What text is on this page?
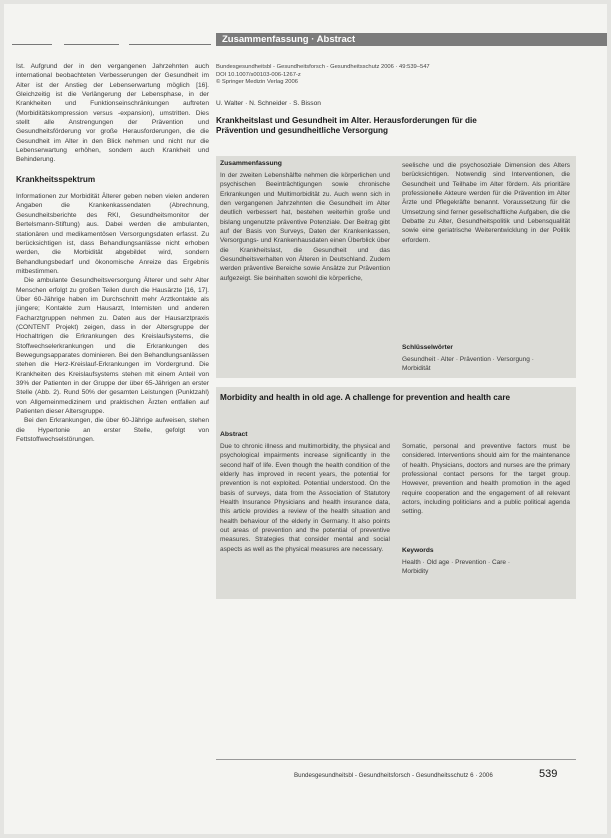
Zusammenfassung · Abstract

Ist. Aufgrund der in den vergangenen Jahrzehnten auch international beobachteten Verbesserungen der Gesundheit im Alter ist der Anstieg der Lebenserwartung möglich [16]. Gleichzeitig ist die Verlängerung der Lebensphase, in der Krankheiten und Funktionseinschränkungen auftreten (Morbiditätskompression versus -expansion), umstritten. Dies stellt alle Anstrengungen der Prävention und Gesundheitsförderung vor große Herausforderungen, die die Gesundheit im Alter in den Blick nehmen und nicht nur die Lebenserwartung erhöhen, sondern auch Krankheit und Behinderung.

Krankheitsspektrum

Informationen zur Morbidität Älterer geben neben vielen anderen Angaben die Krankenkassendaten (Abrechnung, Gesundheitsberichte des RKI, Gesundheitsmonitor der Bertelsmann-Stiftung) aus. Dabei werden die ambulanten, stationären und medikamentösen Versorgungsdaten erfasst. Zu berücksichtigen ist, dass Behandlungsanlässe nicht erhoben werden, die Morbidität abgebildet wird, sondern Behandlungsbedarf und ökonomische Anreize das Ergebnis mitbestimmen.

Die ambulante Gesundheitsversorgung Älterer und sehr Alter Menschen erfolgt zu großen Teilen durch die Hausärzte [16, 17]. Über 60-Jährige haben im Durchschnitt mehr Arztkontakte als jüngere; Kontakte zum Hausarzt, Internisten und anderen Facharztgruppen nehmen zu. Daten aus der Hausarztpraxis (CONTENT Projekt) zeigen, dass in der Altersgruppe der Hochaltrigen die Erkrankungen des Kreislaufsystems, die Stoffwechselerkrankungen und die Erkrankungen des Bewegungsapparates dominieren. Bei den Behandlungsanlässen stehen die Herz-Kreislauf-Erkrankungen im Vordergrund. Die Krankheiten des Kreislaufsystems stehen mit einem Anteil von 39% der Patienten in der Gruppe der über 65-Jährigen an erster Stelle (Abb. 2). Rund 50% der gesamten Leistungen (Punktzahl) von Allgemeinmedizinern und praktischen Ärzten entfallen auf Patienten dieser Altersgruppe.

Bei den Erkrankungen, die über 60-Jährige aufweisen, stehen die Hypertonie an erster Stelle, gefolgt von Fettstoffwechselstörungen.

Bundesgesundheitsbl - Gesundheitsforsch - Gesundheitsschutz 2006 · 49:539–547
DOI 10.1007/s00103-006-1267-z
© Springer Medizin Verlag 2006
U. Walter · N. Schneider · S. Bisson
Krankheitslast und Gesundheit im Alter. Herausforderungen für die Prävention und gesundheitliche Versorgung
Zusammenfassung
In der zweiten Lebenshälfte nehmen die körperlichen und psychischen Beeinträchtigungen sowie chronische Erkrankungen und Multimorbidität zu. Auch wenn sich in den vergangenen Jahrzehnten die Gesundheit im Alter deutlich verbessert hat, bestehen weiterhin große und bislang ungenutzte präventive Potenziale. Der Beitrag gibt auf der Basis von Surveys, Daten der Krankenkassen, Versorgungs- und Krankenhausdaten einen Überblick über die Krankheitslast, die Gesundheit und das Gesundheitsverhalten von Älteren in Deutschland. Zudem werden präventive Bereiche sowie Ansätze zur Prävention aufgezeigt. Sie beinhalten sowohl die körperliche,
seelische und die psychosoziale Dimension des Alters berücksichtigen. Notwendig sind Interventionen, die Gesundheit und Teilhabe im Alter fördern. Als prioritäre professionelle Akteure werden für die Prävention im Alter Ärzte und Pflegekräfte benannt. Voraussetzung für die Umsetzung sind ferner gesellschaftliche Aufgaben, die die Debatte zu Alter, Gesundheitspolitik und Lebensqualität sowie eine geriatrische Weiterentwicklung in der Politik erfordern.
Schlüsselwörter
Gesundheit · Alter · Prävention · Versorgung · Morbidität
Morbidity and health in old age. A challenge for prevention and health care
Abstract
Due to chronic illness and multimorbidity, the physical and psychological impairments increase significantly in the second half of life. Even though the health condition of the elderly has improved in recent years, the potential for prevention is not exploited. Potential understood. On the basis of surveys, data from the Association of Statutory Health Insurance Physicians and health insurance data, this article provides a review of the health situation and health behaviour of the elderly in Germany. It also points out areas of prevention and the potential of preventive measures. Strategies that consider mental and social aspects as well as the physical measures are necessary.
Somatic, personal and preventive factors must be considered. Interventions should aim for the maintenance of health. Physicians, doctors and nurses are the primary professional contact persons for the target group. However, prevention and health promotion in the aged require cooperation and the engagement of all relevant actors, including politicians and a public political agenda setting.
Keywords
Health · Old age · Prevention · Care · Morbidity
Bundesgesundheitsbl - Gesundheitsforsch - Gesundheitsschutz 6 · 2006	539
